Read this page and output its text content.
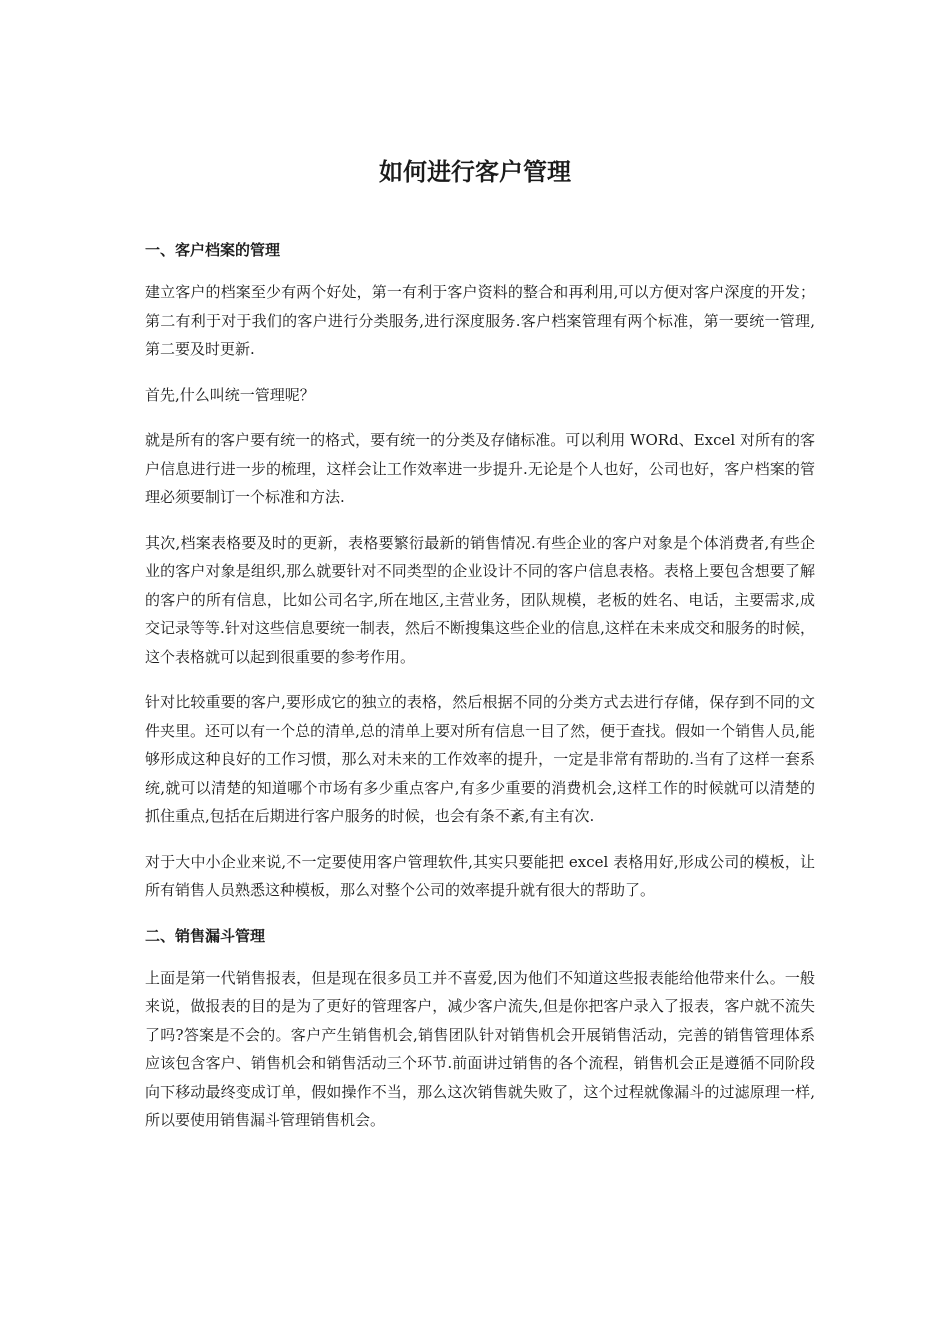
如何进行客户管理
一、客户档案的管理

建立客户的档案至少有两个好处，第一有利于客户资料的整合和再利用,可以方便对客户深度的开发；第二有利于对于我们的客户进行分类服务,进行深度服务.客户档案管理有两个标准，第一要统一管理,第二要及时更新.

首先,什么叫统一管理呢？

就是所有的客户要有统一的格式，要有统一的分类及存储标准。可以利用 WORd、Excel 对所有的客户信息进行进一步的梳理，这样会让工作效率进一步提升.无论是个人也好，公司也好，客户档案的管理必须要制订一个标准和方法.

其次,档案表格要及时的更新，表格要繁衍最新的销售情况.有些企业的客户对象是个体消费者,有些企业的客户对象是组织,那么就要针对不同类型的企业设计不同的客户信息表格。表格上要包含想要了解的客户的所有信息，比如公司名字,所在地区,主营业务，团队规模，老板的姓名、电话，主要需求,成交记录等等.针对这些信息要统一制表，然后不断搜集这些企业的信息,这样在未来成交和服务的时候，这个表格就可以起到很重要的参考作用。

针对比较重要的客户,要形成它的独立的表格，然后根据不同的分类方式去进行存储，保存到不同的文件夹里。还可以有一个总的清单,总的清单上要对所有信息一目了然，便于查找。假如一个销售人员,能够形成这种良好的工作习惯，那么对未来的工作效率的提升，一定是非常有帮助的.当有了这样一套系统,就可以清楚的知道哪个市场有多少重点客户,有多少重要的消费机会,这样工作的时候就可以清楚的抓住重点,包括在后期进行客户服务的时候，也会有条不紊,有主有次.

对于大中小企业来说,不一定要使用客户管理软件,其实只要能把 excel 表格用好,形成公司的模板，让所有销售人员熟悉这种模板，那么对整个公司的效率提升就有很大的帮助了。

二、销售漏斗管理

上面是第一代销售报表，但是现在很多员工并不喜爱,因为他们不知道这些报表能给他带来什么。一般来说，做报表的目的是为了更好的管理客户，减少客户流失,但是你把客户录入了报表，客户就不流失了吗?答案是不会的。客户产生销售机会,销售团队针对销售机会开展销售活动，完善的销售管理体系应该包含客户、销售机会和销售活动三个环节.前面讲过销售的各个流程，销售机会正是遵循不同阶段向下移动最终变成订单，假如操作不当，那么这次销售就失败了，这个过程就像漏斗的过滤原理一样,所以要使用销售漏斗管理销售机会。
